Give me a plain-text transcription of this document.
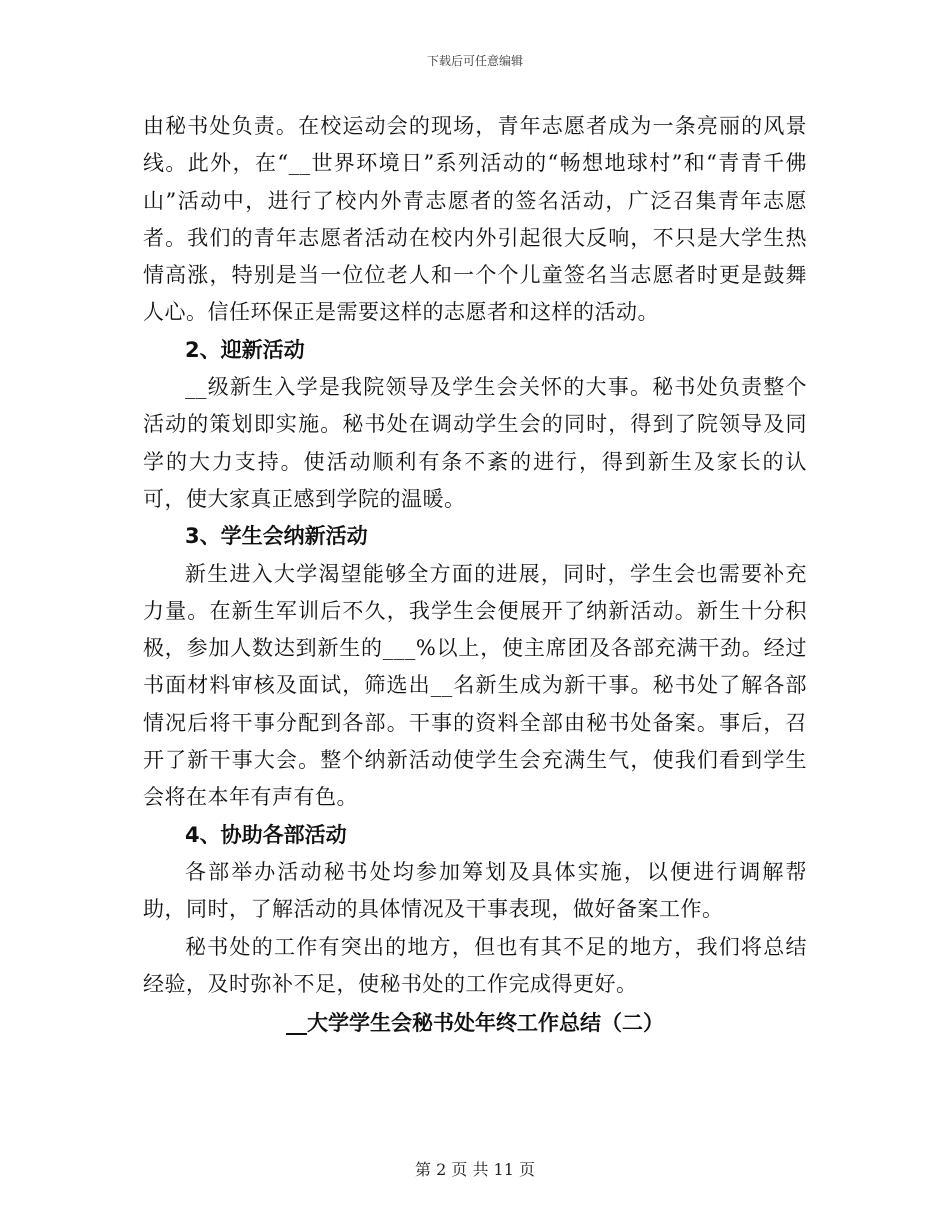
下载后可任意编辑

由秘书处负责。在校运动会的现场，青年志愿者成为一条亮丽的风景线。此外，在“__世界环境日”系列活动的“畅想地球村”和“青青千佛山”活动中，进行了校内外青志愿者的签名活动，广泛召集青年志愿者。我们的青年志愿者活动在校内外引起很大反响，不只是大学生热情高涨，特别是当一位位老人和一个个儿童签名当志愿者时更是鼓舞人心。信任环保正是需要这样的志愿者和这样的活动。

2、迎新活动

__级新生入学是我院领导及学生会关怀的大事。秘书处负责整个活动的策划即实施。秘书处在调动学生会的同时，得到了院领导及同学的大力支持。使活动顺利有条不紊的进行，得到新生及家长的认可，使大家真正感到学院的温暖。

3、学生会纳新活动

新生进入大学渴望能够全方面的进展，同时，学生会也需要补充力量。在新生军训后不久，我学生会便展开了纳新活动。新生十分积极，参加人数达到新生的___%以上，使主席团及各部充满干劲。经过书面材料审核及面试，筛选出__名新生成为新干事。秘书处了解各部情况后将干事分配到各部。干事的资料全部由秘书处备案。事后，召开了新干事大会。整个纳新活动使学生会充满生气，使我们看到学生会将在本年有声有色。

4、协助各部活动

各部举办活动秘书处均参加筹划及具体实施，以便进行调解帮助，同时，了解活动的具体情况及干事表现，做好备案工作。

秘书处的工作有突出的地方，但也有其不足的地方，我们将总结经验，及时弥补不足，使秘书处的工作完成得更好。

__大学学生会秘书处年终工作总结（二）

第 2 页 共 11 页
